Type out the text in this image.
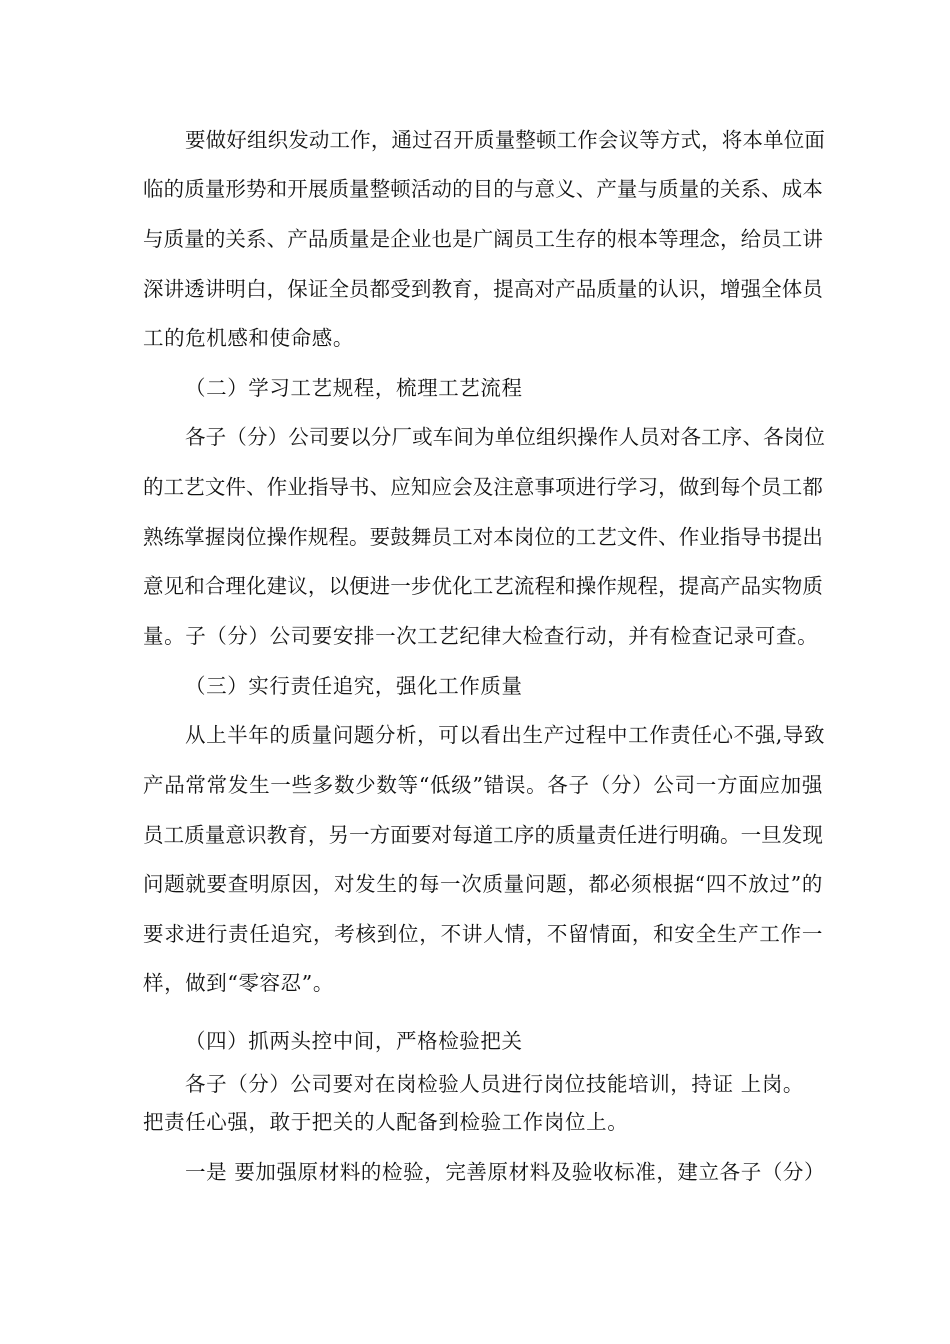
要做好组织发动工作，通过召开质量整顿工作会议等方式，将本单位面
临的质量形势和开展质量整顿活动的目的与意义、产量与质量的关系、成本
与质量的关系、产品质量是企业也是广阔员工生存的根本等理念，给员工讲
深讲透讲明白，保证全员都受到教育，提高对产品质量的认识，增强全体员
工的危机感和使命感。
（二）学习工艺规程，梳理工艺流程
各子（分）公司要以分厂或车间为单位组织操作人员对各工序、各岗位
的工艺文件、作业指导书、应知应会及注意事项进行学习，做到每个员工都
熟练掌握岗位操作规程。要鼓舞员工对本岗位的工艺文件、作业指导书提出
意见和合理化建议，以便进一步优化工艺流程和操作规程，提高产品实物质
量。子（分）公司要安排一次工艺纪律大检查行动，并有检查记录可查。
（三）实行责任追究，强化工作质量
从上半年的质量问题分析，可以看出生产过程中工作责任心不强,导致
产品常常发生一些多数少数等“低级”错误。各子（分）公司一方面应加强
员工质量意识教育，另一方面要对每道工序的质量责任进行明确。一旦发现
问题就要查明原因，对发生的每一次质量问题，都必须根据“四不放过”的
要求进行责任追究，考核到位，不讲人情，不留情面，和安全生产工作一
样，做到“零容忍”。
（四）抓两头控中间，严格检验把关
各子（分）公司要对在岗检验人员进行岗位技能培训，持证 上岗。
把责任心强，敢于把关的人配备到检验工作岗位上。
一是 要加强原材料的检验，完善原材料及验收标准，建立各子（分）
